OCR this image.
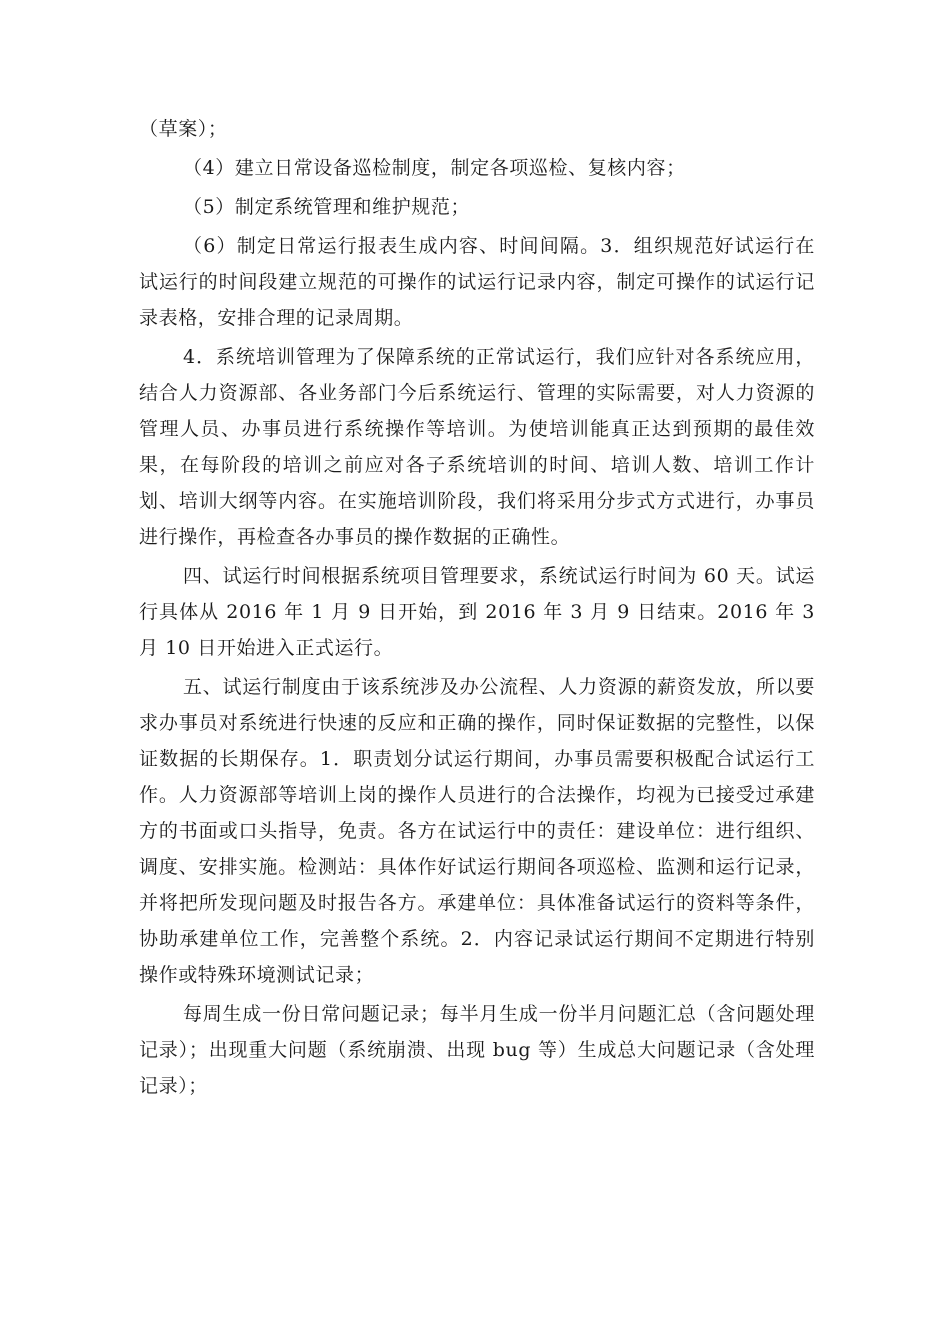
（草案）；

（4）建立日常设备巡检制度，制定各项巡检、复核内容；

（5）制定系统管理和维护规范；

（6）制定日常运行报表生成内容、时间间隔。3．组织规范好试运行在试运行的时间段建立规范的可操作的试运行记录内容，制定可操作的试运行记录表格，安排合理的记录周期。

4．系统培训管理为了保障系统的正常试运行，我们应针对各系统应用，结合人力资源部、各业务部门今后系统运行、管理的实际需要，对人力资源的管理人员、办事员进行系统操作等培训。为使培训能真正达到预期的最佳效果，在每阶段的培训之前应对各子系统培训的时间、培训人数、培训工作计划、培训大纲等内容。在实施培训阶段，我们将采用分步式方式进行，办事员进行操作，再检查各办事员的操作数据的正确性。

四、试运行时间根据系统项目管理要求，系统试运行时间为 60 天。试运行具体从 2016 年 1 月 9 日开始，到 2016 年 3 月 9 日结束。2016 年 3 月 10 日开始进入正式运行。

五、试运行制度由于该系统涉及办公流程、人力资源的薪资发放，所以要求办事员对系统进行快速的反应和正确的操作，同时保证数据的完整性，以保证数据的长期保存。1．职责划分试运行期间，办事员需要积极配合试运行工作。人力资源部等培训上岗的操作人员进行的合法操作，均视为已接受过承建方的书面或口头指导，免责。各方在试运行中的责任：建设单位：进行组织、调度、安排实施。检测站：具体作好试运行期间各项巡检、监测和运行记录，并将把所发现问题及时报告各方。承建单位：具体准备试运行的资料等条件，协助承建单位工作，完善整个系统。2．内容记录试运行期间不定期进行特别操作或特殊环境测试记录；

每周生成一份日常问题记录；每半月生成一份半月问题汇总（含问题处理记录）；出现重大问题（系统崩溃、出现 bug 等）生成总大问题记录（含处理记录）；
